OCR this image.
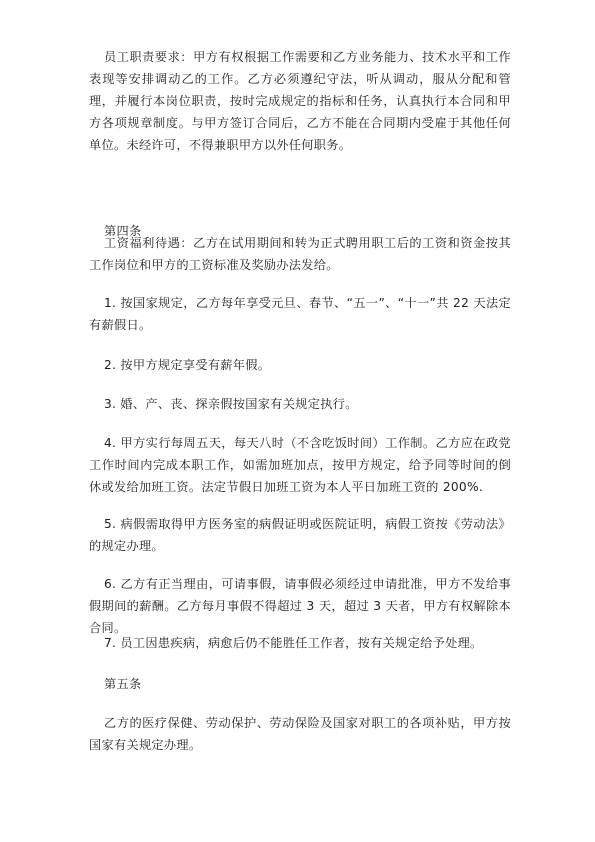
员工职责要求：甲方有权根据工作需要和乙方业务能力、技术水平和工作表现等安排调动乙的工作。乙方必须遵纪守法，听从调动，服从分配和管理，并履行本岗位职责，按时完成规定的指标和任务，认真执行本合同和甲方各项规章制度。与甲方签订合同后，乙方不能在合同期内受雇于其他任何单位。未经许可，不得兼职甲方以外任何职务。

第四条

工资福利待遇：乙方在试用期间和转为正式聘用职工后的工资和资金按其工作岗位和甲方的工资标准及奖励办法发给。

1. 按国家规定，乙方每年享受元旦、春节、“五一”、“十一”共 22 天法定有薪假日。

2. 按甲方规定享受有薪年假。

3. 婚、产、丧、探亲假按国家有关规定执行。

4. 甲方实行每周五天，每天八时（不含吃饭时间）工作制。乙方应在政党工作时间内完成本职工作，如需加班加点，按甲方规定，给予同等时间的倒休或发给加班工资。法定节假日加班工资为本人平日加班工资的 200%.

5. 病假需取得甲方医务室的病假证明或医院证明，病假工资按《劳动法》的规定办理。

6. 乙方有正当理由，可请事假，请事假必须经过申请批准，甲方不发给事假期间的薪酬。乙方每月事假不得超过 3 天，超过 3 天者，甲方有权解除本合同。

7. 员工因患疾病，病愈后仍不能胜任工作者，按有关规定给予处理。

第五条

乙方的医疗保健、劳动保护、劳动保险及国家对职工的各项补贴，甲方按国家有关规定办理。
